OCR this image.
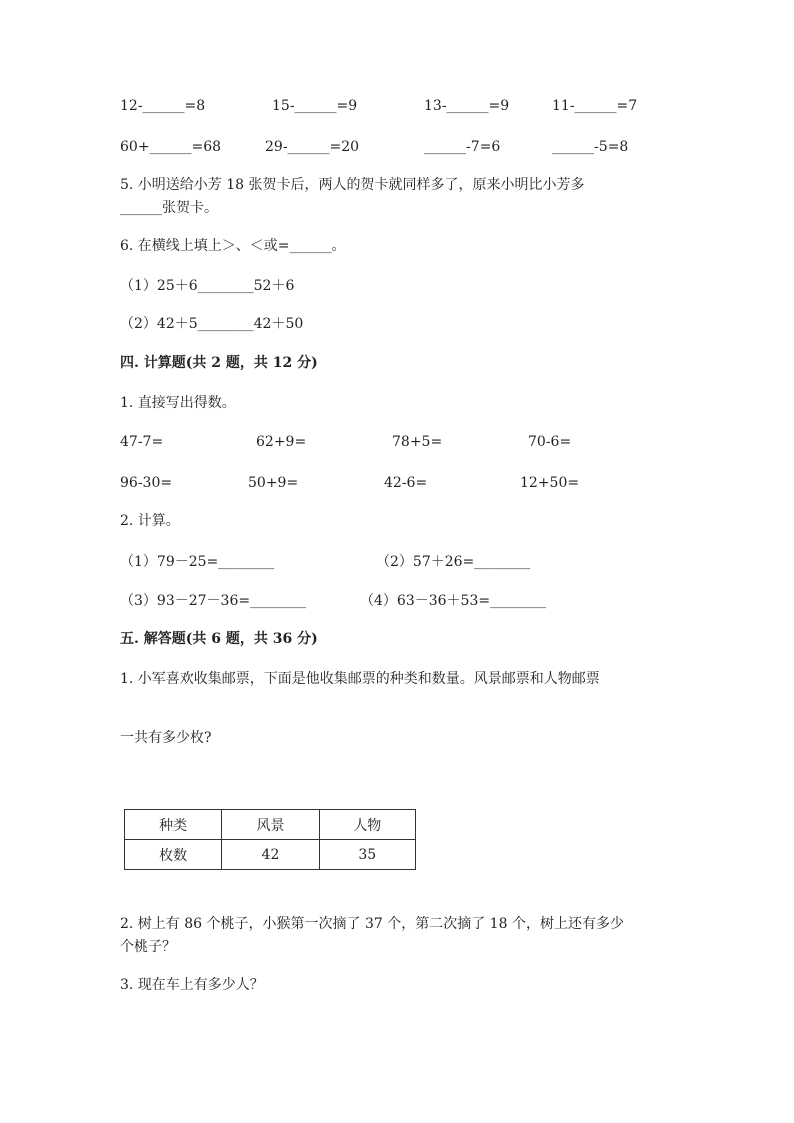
12-______=8	15-______=9	13-______=9	11-______=7
60+______=68	29-______=20	______-7=6	______-5=8
5. 小明送给小芳 18 张贺卡后，两人的贺卡就同样多了，原来小明比小芳多
______张贺卡。
6. 在横线上填上＞、＜或=______。
（1）25＋6________52＋6
（2）42＋5________42＋50
四. 计算题(共 2 题，共 12 分)
1. 直接写出得数。
47-7=	62+9=	78+5=	70-6=
96-30=	50+9=	42-6=	12+50=
2. 计算。
（1）79－25=________	（2）57＋26=________
（3）93－27－36=________	（4）63－36＋53=________
五. 解答题(共 6 题，共 36 分)
1. 小军喜欢收集邮票，下面是他收集邮票的种类和数量。风景邮票和人物邮票
一共有多少枚?
种类	风景	人物
枚数	42	35
2. 树上有 86 个桃子，小猴第一次摘了 37 个，第二次摘了 18 个，树上还有多少
个桃子？
3. 现在车上有多少人？
